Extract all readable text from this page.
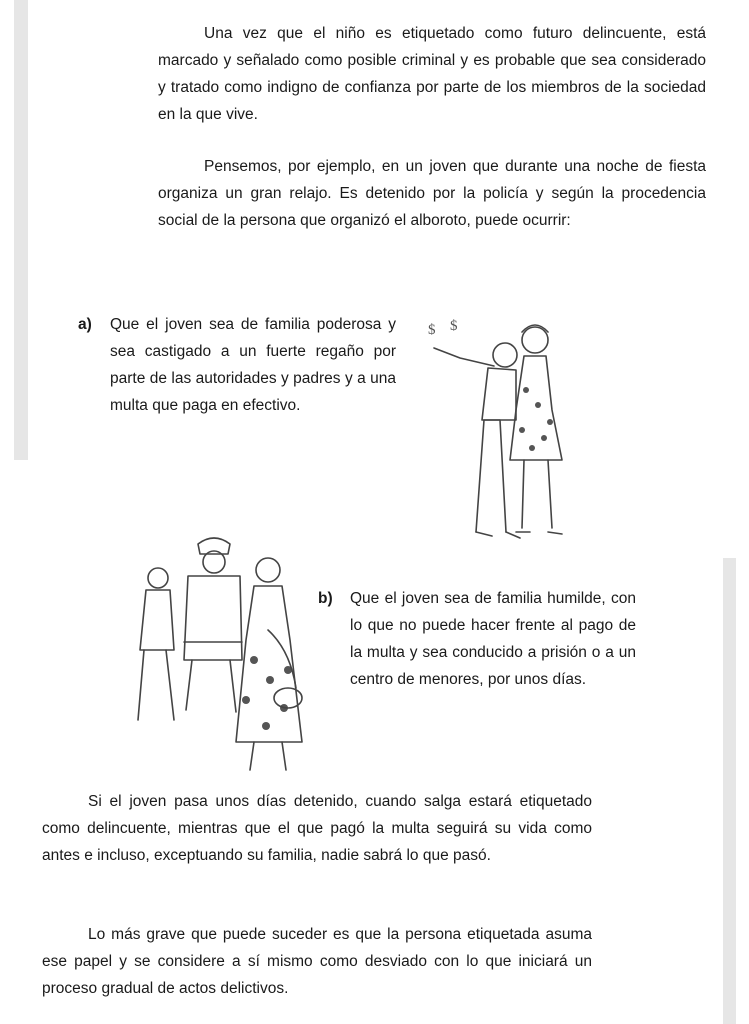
Una vez que el niño es etiquetado como futuro delincuente, está marcado y señalado como posible criminal y es probable que sea considerado y tratado como indigno de confianza por parte de los miembros de la sociedad en la que vive.

Pensemos, por ejemplo, en un joven que durante una noche de fiesta organiza un gran relajo. Es detenido por la policía y según la procedencia social de la persona que organizó el alboroto, puede ocurrir:

a) Que el joven sea de familia poderosa y sea castigado a un fuerte regaño por parte de las autoridades y padres y a una multa que paga en efectivo.

$ $
b) Que el joven sea de familia humilde, con lo que no puede hacer frente al pago de la multa y sea conducido a prisión o a un centro de menores, por unos días.

Si el joven pasa unos días detenido, cuando salga estará etiquetado como delincuente, mientras que el que pagó la multa seguirá su vida como antes e incluso, exceptuando su familia, nadie sabrá lo que pasó.

Lo más grave que puede suceder es que la persona etiquetada asuma ese papel y se considere a sí mismo como desviado con lo que iniciará un proceso gradual de actos delictivos.
